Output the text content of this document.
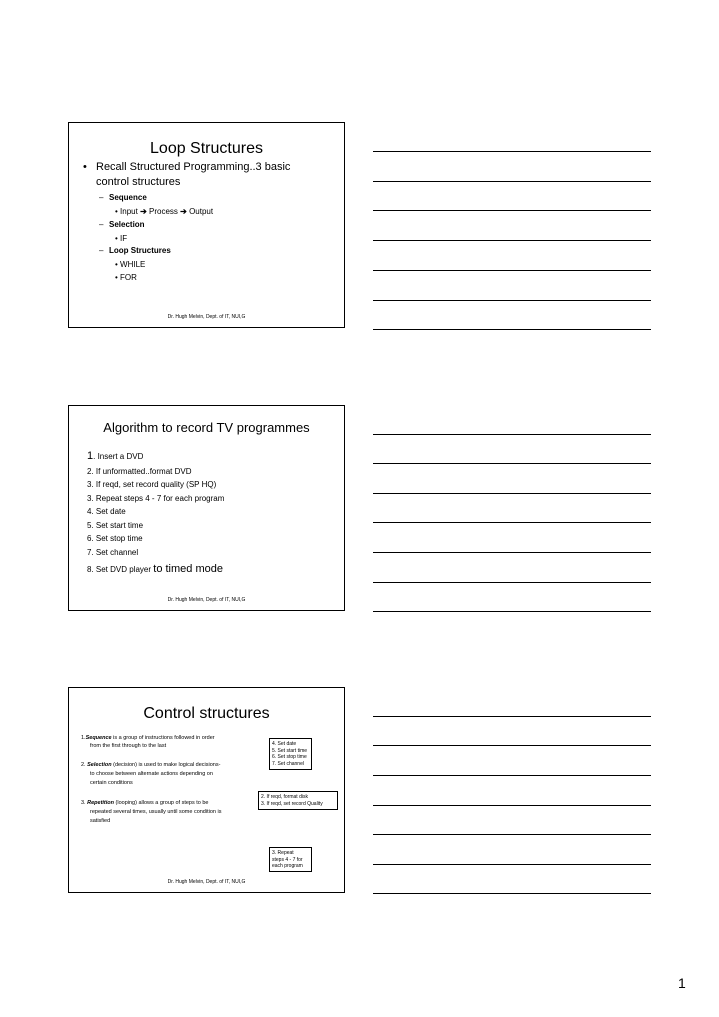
Loop Structures
• Recall Structured Programming..3 basic
control structures
– Sequence
• Input ➔ Process ➔ Output
– Selection
• IF
– Loop Structures
• WHILE
• FOR
Dr. Hugh Melvin, Dept. of IT, NUI,G
Algorithm to record TV programmes
1. Insert a DVD
2. If unformatted..format DVD
3. If reqd, set record quality (SP HQ)
3. Repeat steps 4 - 7 for each program
4. Set date
5. Set start time
6. Set stop time
7. Set channel
8. Set DVD player to timed mode
Dr. Hugh Melvin, Dept. of IT, NUI,G
Control structures
1.Sequence is a group of instructions followed in order
from the first through to the last
2. Selection (decision) is used to make logical decisions-
to choose between alternate actions depending on
certain conditions
3. Repetition (looping) allows a group of steps to be
repeated several times, usually until some condition is
satisfied
4. Set date
5. Set start time
6. Set stop time
7. Set channel
2. If reqd, format disk
3. If reqd, set record Quality
3. Repeat
steps 4 - 7 for
each program
Dr. Hugh Melvin, Dept. of IT, NUI,G
1
